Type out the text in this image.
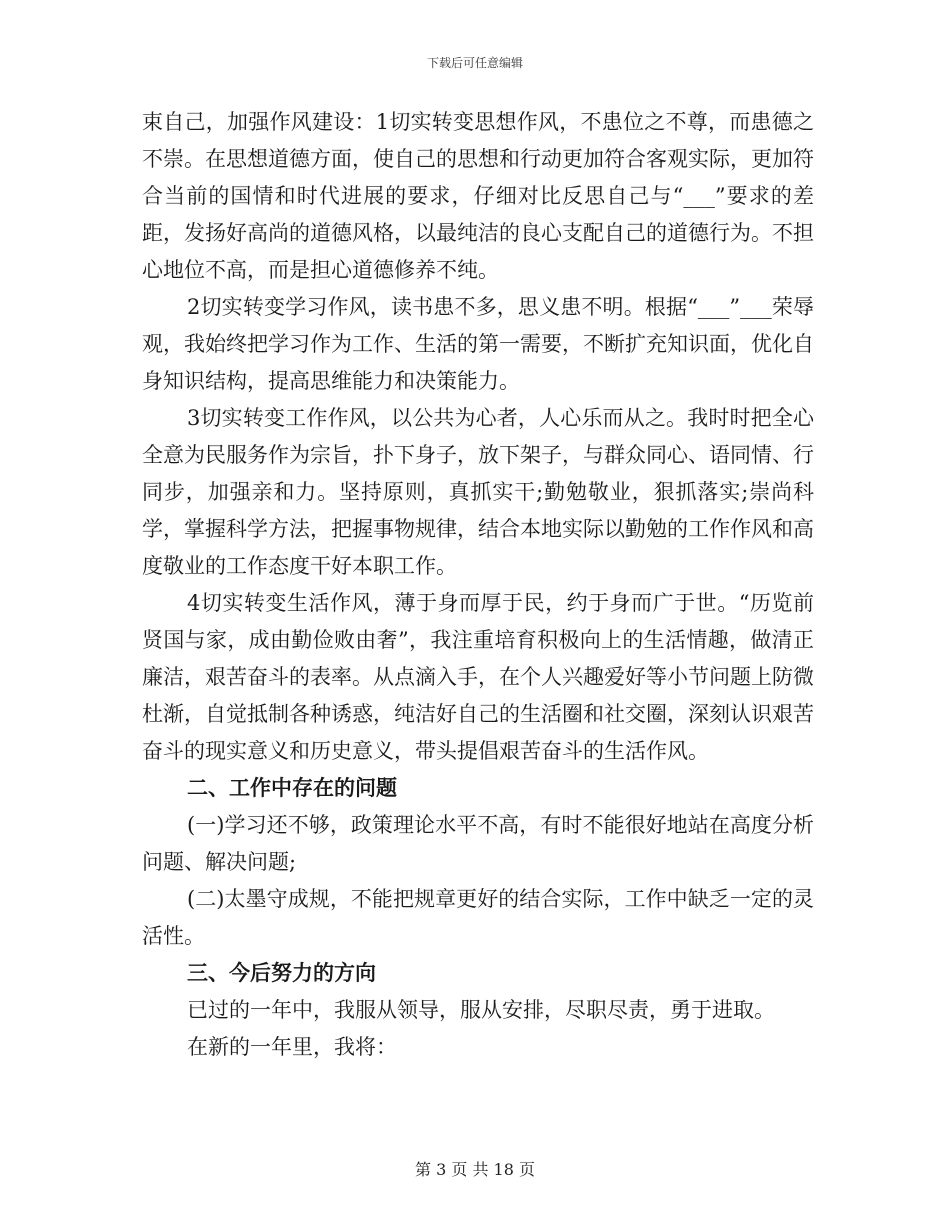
下载后可任意编辑

束自己，加强作风建设：1切实转变思想作风，不患位之不尊，而患德之不崇。在思想道德方面，使自己的思想和行动更加符合客观实际，更加符合当前的国情和时代进展的要求，仔细对比反思自己与“___”要求的差距，发扬好高尚的道德风格，以最纯洁的良心支配自己的道德行为。不担心地位不高，而是担心道德修养不纯。

2切实转变学习作风，读书患不多，思义患不明。根据“___”___荣辱观，我始终把学习作为工作、生活的第一需要，不断扩充知识面，优化自身知识结构，提高思维能力和决策能力。

3切实转变工作作风，以公共为心者，人心乐而从之。我时时把全心全意为民服务作为宗旨，扑下身子，放下架子，与群众同心、语同情、行同步，加强亲和力。坚持原则，真抓实干;勤勉敬业，狠抓落实;崇尚科学，掌握科学方法，把握事物规律，结合本地实际以勤勉的工作作风和高度敬业的工作态度干好本职工作。

4切实转变生活作风，薄于身而厚于民，约于身而广于世。“历览前贤国与家，成由勤俭败由奢”，我注重培育积极向上的生活情趣，做清正廉洁，艰苦奋斗的表率。从点滴入手，在个人兴趣爱好等小节问题上防微杜渐，自觉抵制各种诱惑，纯洁好自己的生活圈和社交圈，深刻认识艰苦奋斗的现实意义和历史意义，带头提倡艰苦奋斗的生活作风。

二、工作中存在的问题

(一)学习还不够，政策理论水平不高，有时不能很好地站在高度分析问题、解决问题;

(二)太墨守成规，不能把规章更好的结合实际，工作中缺乏一定的灵活性。

三、今后努力的方向

已过的一年中，我服从领导，服从安排，尽职尽责，勇于进取。

在新的一年里，我将：

第 3 页 共 18 页
